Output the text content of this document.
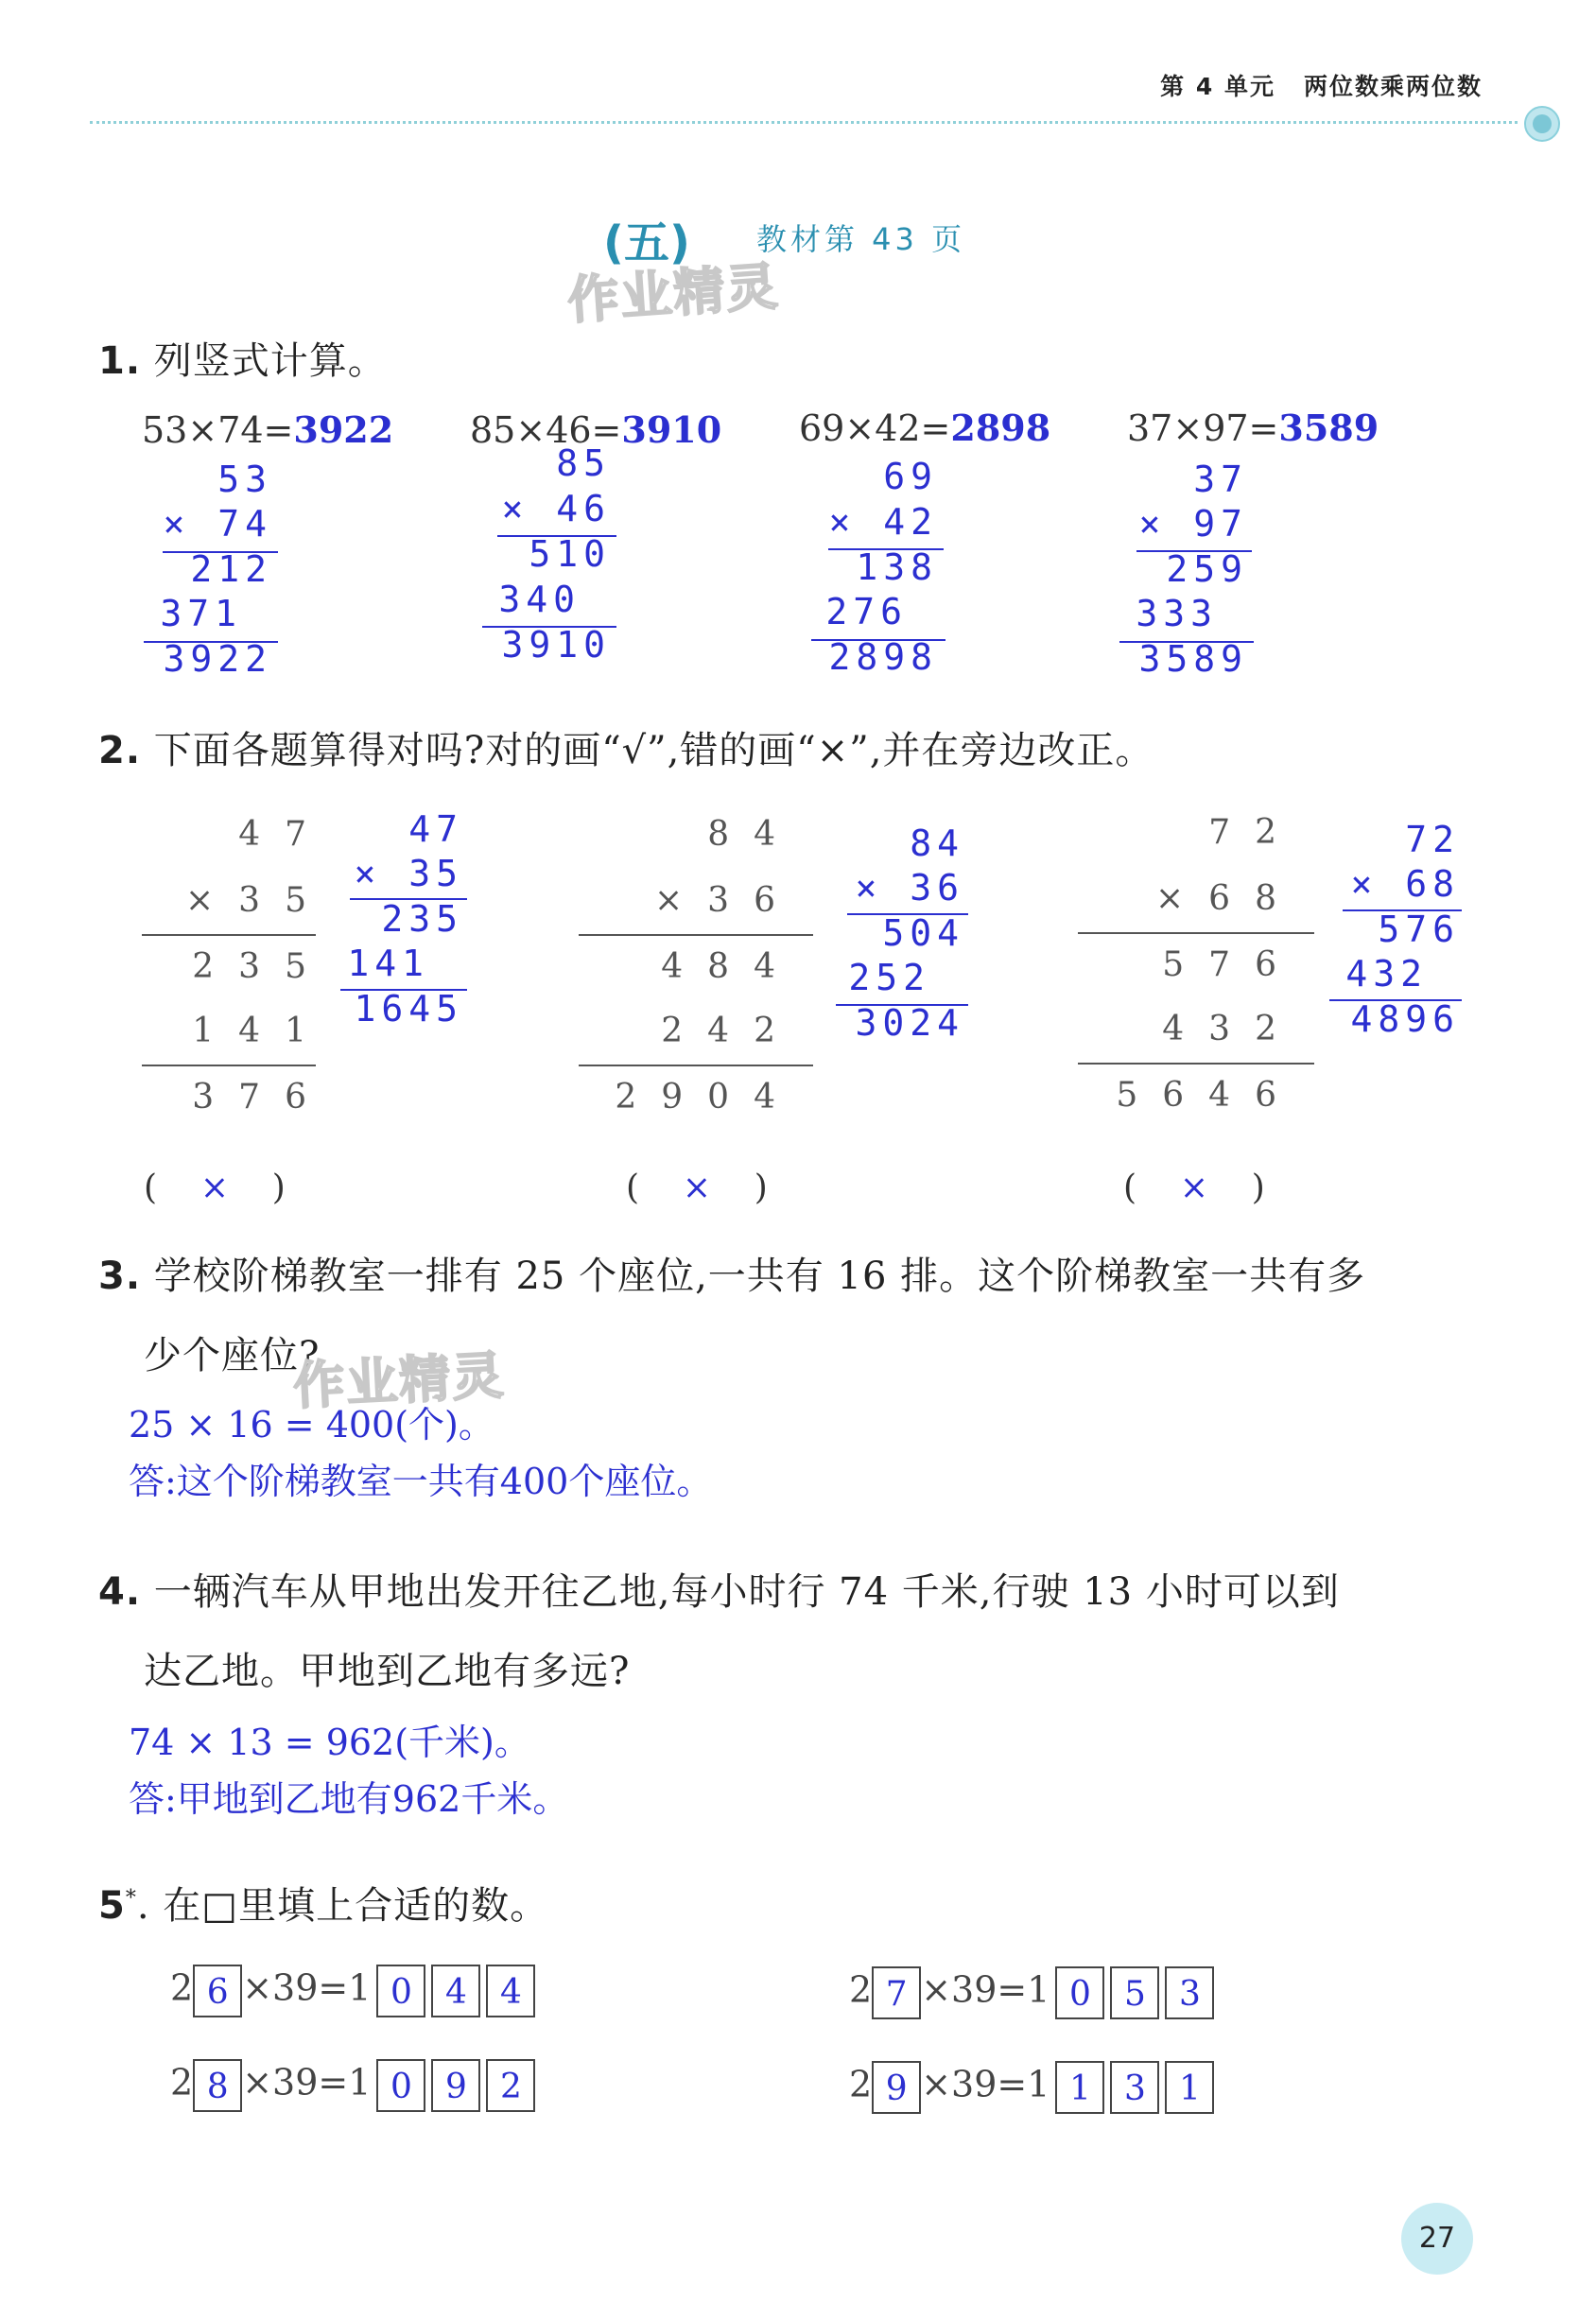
第 4 单元 两位数乘两位数
(五) 教材第 43 页
作业精灵
1. 列竖式计算。
53×74=3922
53
× 74
212
371
3922
85×46=3910
85
× 46
510
340
3910
69×42=2898
69
× 42
138
276
2898
37×97=3589
37
× 97
259
333
3589
2. 下面各题算得对吗?对的画“√”,错的画“×”,并在旁边改正。
47
×35
235
141
376
47
× 35
235
141
1645
(    ×    )
84
×36
484
242
2904
84
× 36
504
252
3024
(    ×    )
72
×68
576
432
5646
72
× 68
576
432
4896
(    ×    )
3. 学校阶梯教室一排有 25 个座位,一共有 16 排。这个阶梯教室一共有多
少个座位?
作业精灵
25 × 16 = 400(个)。
答:这个阶梯教室一共有400个座位。
4. 一辆汽车从甲地出发开往乙地,每小时行 74 千米,行驶 13 小时可以到
达乙地。甲地到乙地有多远?
74 × 13 = 962(千米)。
答:甲地到乙地有962千米。
5*. 在□里填上合适的数。
2 6 ×39=1 0 4 4	2 7 ×39=1 0 5 3
2 8 ×39=1 0 9 2	2 9 ×39=1 1 3 1
27
